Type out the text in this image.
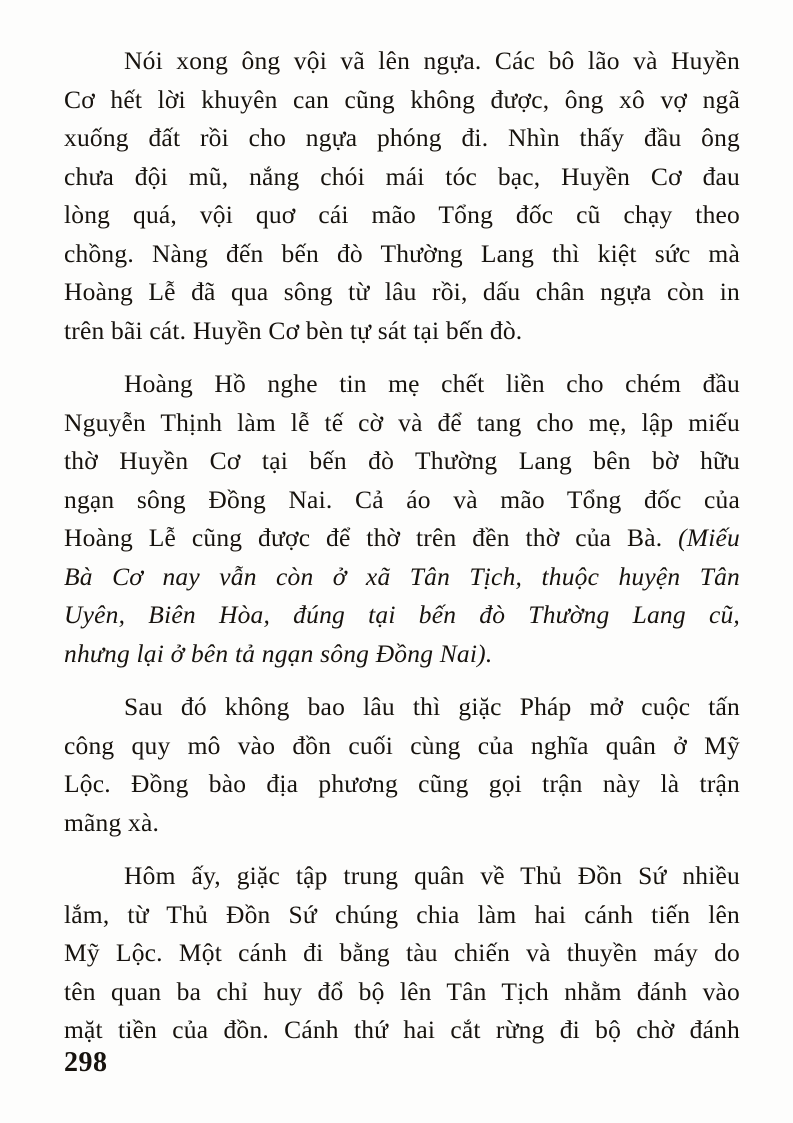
Nói xong ông vội vã lên ngựa. Các bô lão và Huyền
Cơ hết lời khuyên can cũng không được, ông xô vợ ngã
xuống đất rồi cho ngựa phóng đi. Nhìn thấy đầu ông
chưa đội mũ, nắng chói mái tóc bạc, Huyền Cơ đau
lòng quá, vội quơ cái mão Tổng đốc cũ chạy theo
chồng. Nàng đến bến đò Thường Lang thì kiệt sức mà
Hoàng Lễ đã qua sông từ lâu rồi, dấu chân ngựa còn in
trên bãi cát. Huyền Cơ bèn tự sát tại bến đò.

Hoàng Hồ nghe tin mẹ chết liền cho chém đầu
Nguyễn Thịnh làm lễ tế cờ và để tang cho mẹ, lập miếu
thờ Huyền Cơ tại bến đò Thường Lang bên bờ hữu
ngạn sông Đồng Nai. Cả áo và mão Tổng đốc của
Hoàng Lễ cũng được để thờ trên đền thờ của Bà. (Miếu
Bà Cơ nay vẫn còn ở xã Tân Tịch, thuộc huyện Tân
Uyên, Biên Hòa, đúng tại bến đò Thường Lang cũ,
nhưng lại ở bên tả ngạn sông Đồng Nai).

Sau đó không bao lâu thì giặc Pháp mở cuộc tấn
công quy mô vào đồn cuối cùng của nghĩa quân ở Mỹ
Lộc. Đồng bào địa phương cũng gọi trận này là trận
mãng xà.

Hôm ấy, giặc tập trung quân về Thủ Đồn Sứ nhiều
lắm, từ Thủ Đồn Sứ chúng chia làm hai cánh tiến lên
Mỹ Lộc. Một cánh đi bằng tàu chiến và thuyền máy do
tên quan ba chỉ huy đổ bộ lên Tân Tịch nhằm đánh vào
mặt tiền của đồn. Cánh thứ hai cắt rừng đi bộ chờ đánh

298
